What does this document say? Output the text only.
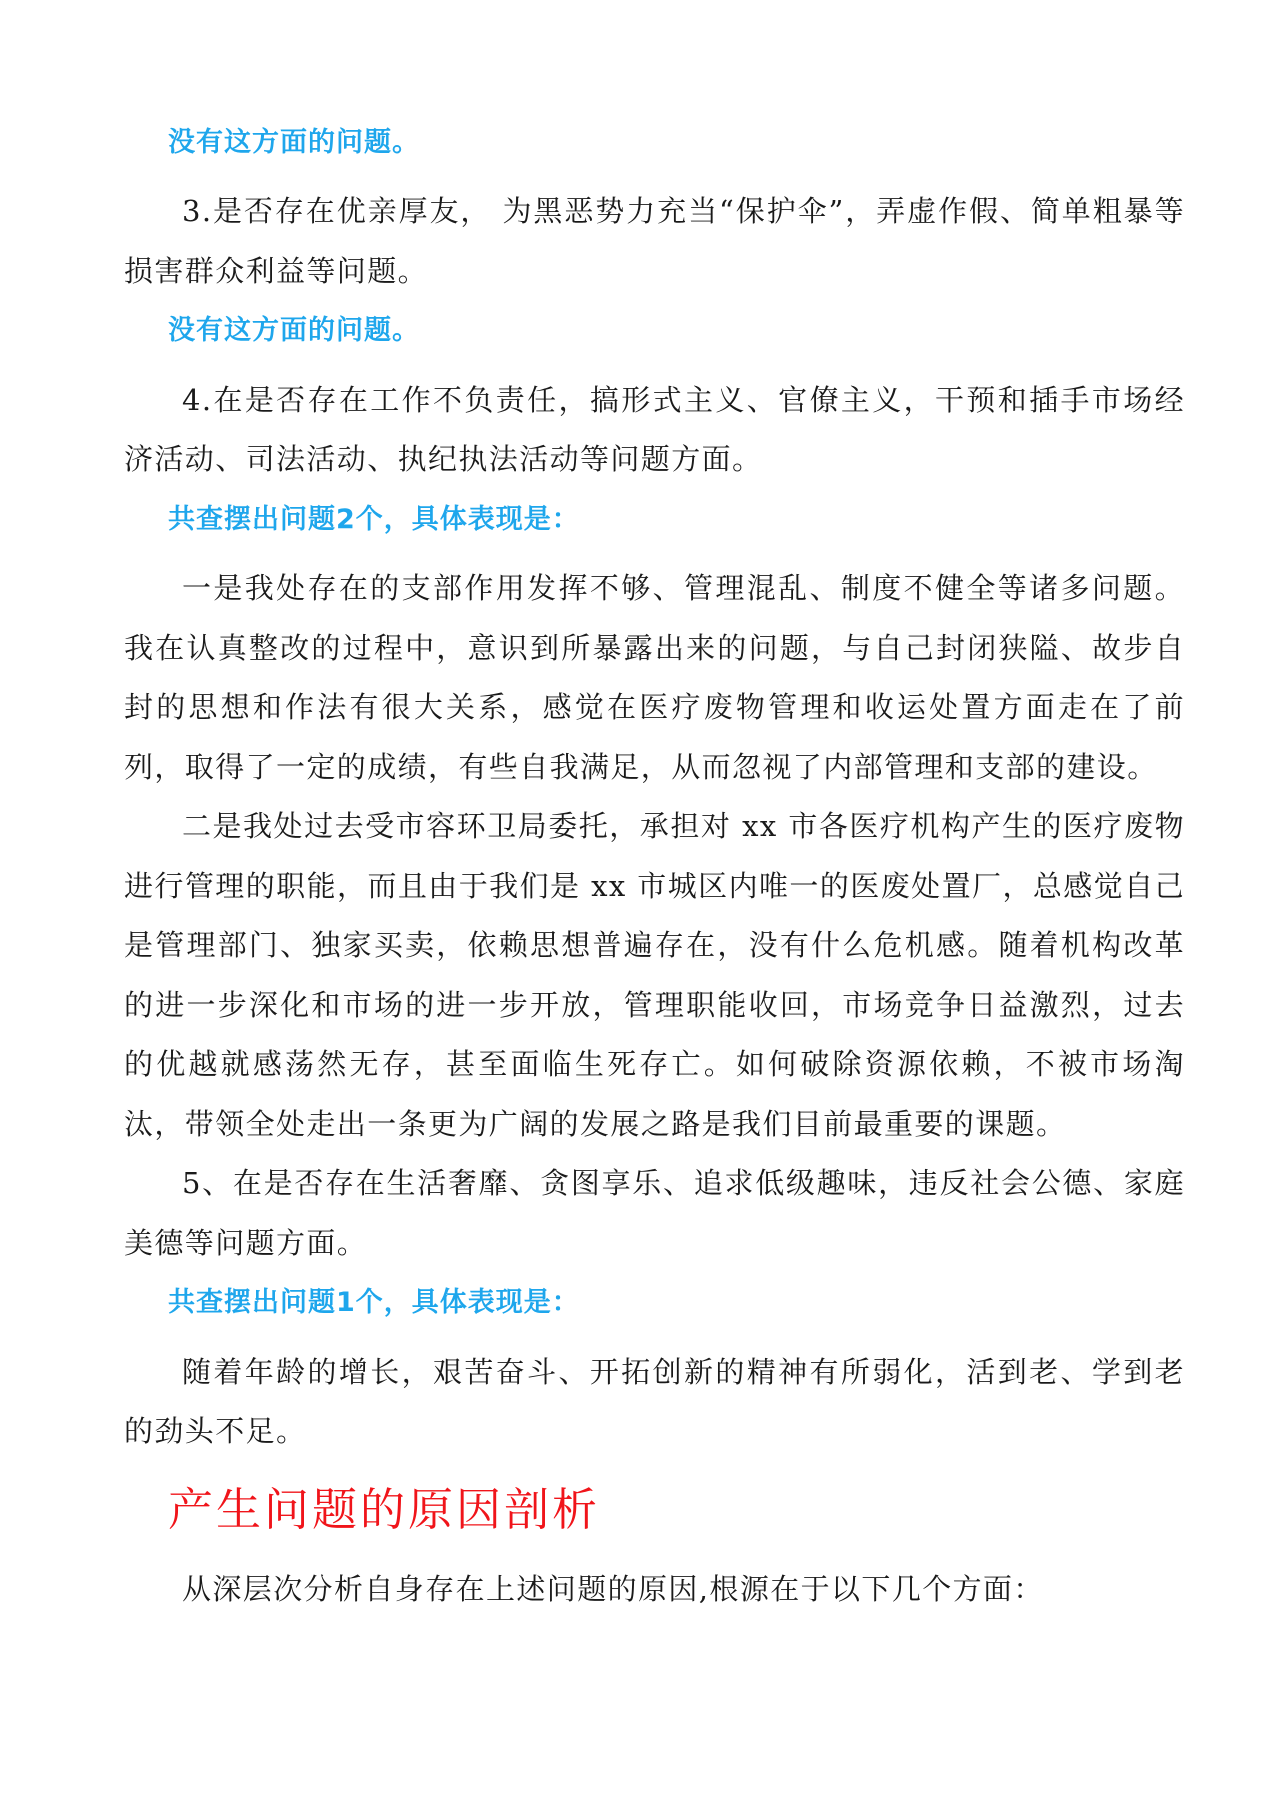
没有这方面的问题。

3.是否存在优亲厚友， 为黑恶势力充当“保护伞”，弄虚作假、简单粗暴等损害群众利益等问题。

没有这方面的问题。

4.在是否存在工作不负责任，搞形式主义、官僚主义，干预和插手市场经济活动、司法活动、执纪执法活动等问题方面。

共查摆出问题2个，具体表现是：

一是我处存在的支部作用发挥不够、管理混乱、制度不健全等诸多问题。我在认真整改的过程中，意识到所暴露出来的问题，与自己封闭狭隘、故步自封的思想和作法有很大关系，感觉在医疗废物管理和收运处置方面走在了前列，取得了一定的成绩，有些自我满足，从而忽视了内部管理和支部的建设。

二是我处过去受市容环卫局委托，承担对 xx 市各医疗机构产生的医疗废物进行管理的职能，而且由于我们是 xx 市城区内唯一的医废处置厂，总感觉自己是管理部门、独家买卖，依赖思想普遍存在，没有什么危机感。随着机构改革的进一步深化和市场的进一步开放，管理职能收回，市场竞争日益激烈，过去的优越就感荡然无存，甚至面临生死存亡。如何破除资源依赖，不被市场淘汰，带领全处走出一条更为广阔的发展之路是我们目前最重要的课题。

5、在是否存在生活奢靡、贪图享乐、追求低级趣味，违反社会公德、家庭美德等问题方面。

共查摆出问题1个，具体表现是：

随着年龄的增长，艰苦奋斗、开拓创新的精神有所弱化，活到老、学到老的劲头不足。

产生问题的原因剖析

从深层次分析自身存在上述问题的原因,根源在于以下几个方面：
